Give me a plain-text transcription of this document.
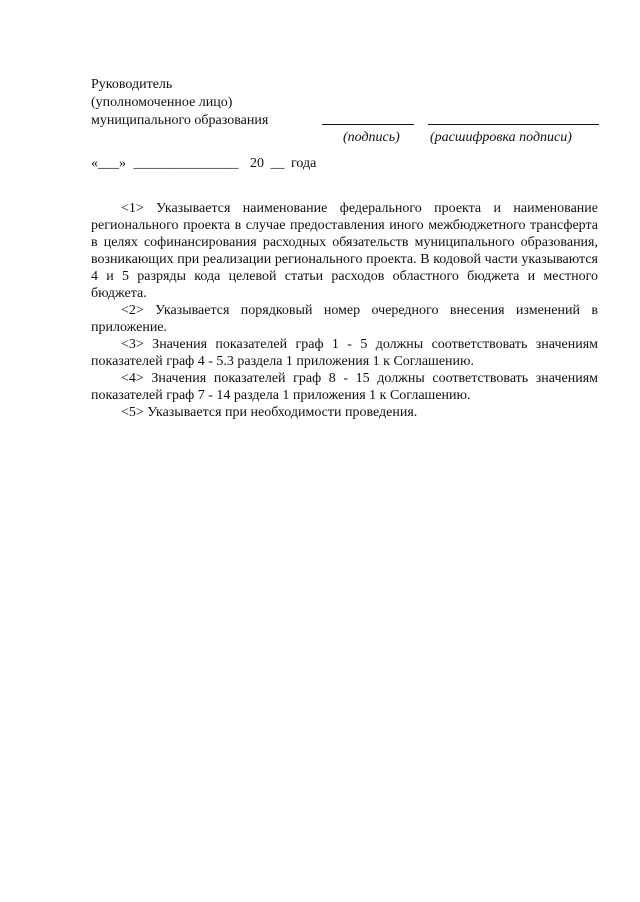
Руководитель
(уполномоченное лицо)
муниципального образования
(подпись) (расшифровка подписи)
«___» _______________ 20 __ года

<1> Указывается наименование федерального проекта и наименование регионального проекта в случае предоставления иного межбюджетного трансферта в целях софинансирования расходных обязательств муниципального образования, возникающих при реализации регионального проекта. В кодовой части указываются 4 и 5 разряды кода целевой статьи расходов областного бюджета и местного бюджета.

<2> Указывается порядковый номер очередного внесения изменений в приложение.

<3> Значения показателей граф 1 - 5 должны соответствовать значениям показателей граф 4 - 5.3 раздела 1 приложения 1 к Соглашению.

<4> Значения показателей граф 8 - 15 должны соответствовать значениям показателей граф 7 - 14 раздела 1 приложения 1 к Соглашению.

<5> Указывается при необходимости проведения.
